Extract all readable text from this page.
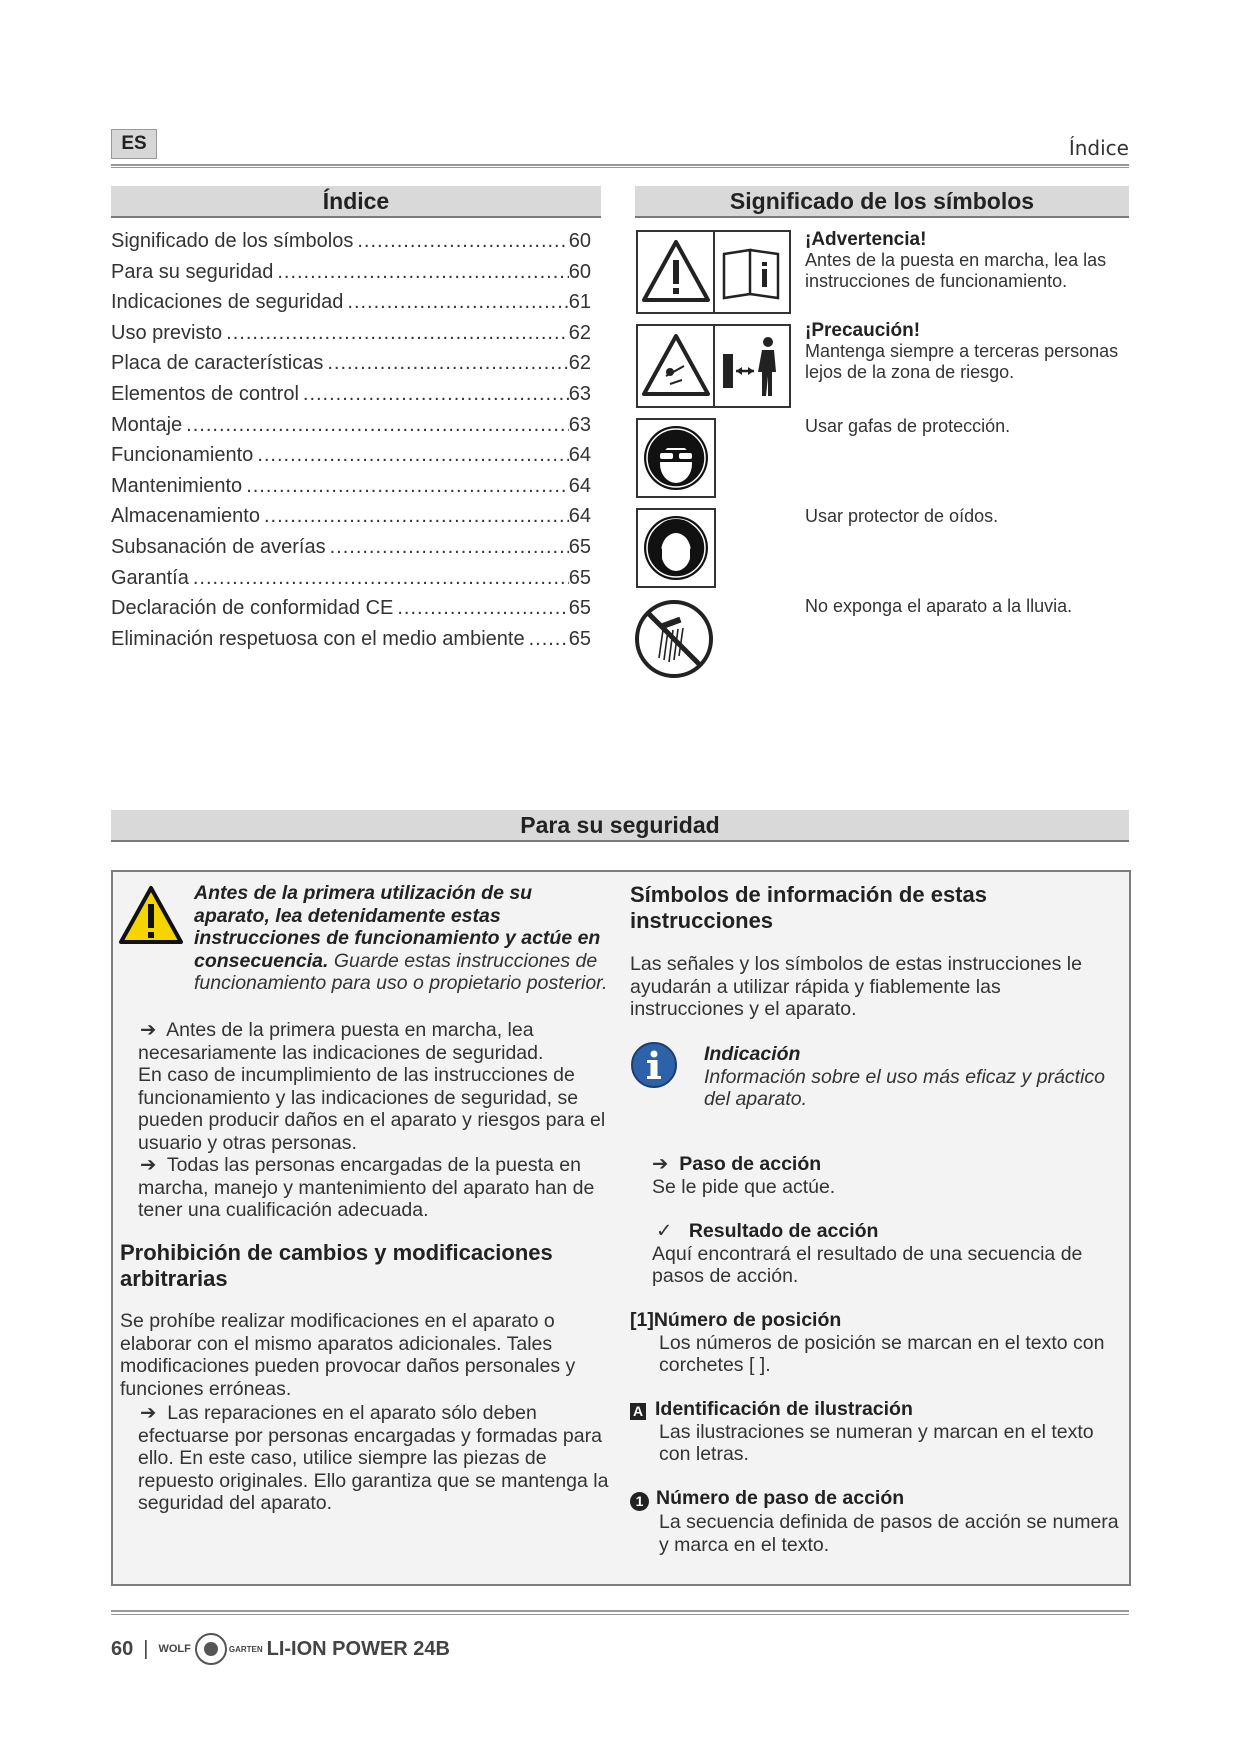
ES	Índice
Índice
Significado de los símbolos .....	60
Para su seguridad .....	60
Indicaciones de seguridad .....	61
Uso previsto .....	62
Placa de características .....	62
Elementos de control .....	63
Montaje .....	63
Funcionamiento .....	64
Mantenimiento .....	64
Almacenamiento .....	64
Subsanación de averías .....	65
Garantía .....	65
Declaración de conformidad CE .....	65
Eliminación respetuosa con el medio ambiente ..... 65
Significado de los símbolos
¡Advertencia!
Antes de la puesta en marcha, lea las instrucciones de funcionamiento.
¡Precaución!
Mantenga siempre a terceras personas lejos de la zona de riesgo.
Usar gafas de protección.
Usar protector de oídos.
No exponga el aparato a la lluvia.
Para su seguridad
Antes de la primera utilización de su aparato, lea detenidamente estas instrucciones de funcionamiento y actúe en consecuencia. Guarde estas instrucciones de funcionamiento para uso o propietario posterior.
➔ Antes de la primera puesta en marcha, lea necesariamente las indicaciones de seguridad.
En caso de incumplimiento de las instrucciones de funcionamiento y las indicaciones de seguridad, se pueden producir daños en el aparato y riesgos para el usuario y otras personas.
➔ Todas las personas encargadas de la puesta en marcha, manejo y mantenimiento del aparato han de tener una cualificación adecuada.
Prohibición de cambios y modificaciones arbitrarias
Se prohíbe realizar modificaciones en el aparato o elaborar con el mismo aparatos adicionales. Tales modificaciones pueden provocar daños personales y funciones erróneas.
➔ Las reparaciones en el aparato sólo deben efectuarse por personas encargadas y formadas para ello. En este caso, utilice siempre las piezas de repuesto originales. Ello garantiza que se mantenga la seguridad del aparato.
Símbolos de información de estas instrucciones
Las señales y los símbolos de estas instrucciones le ayudarán a utilizar rápida y fiablemente las instrucciones y el aparato.
Indicación
Información sobre el uso más eficaz y práctico del aparato.
➔ Paso de acción
Se le pide que actúe.
✓ Resultado de acción
Aquí encontrará el resultado de una secuencia de pasos de acción.
[1]Número de posición
Los números de posición se marcan en el texto con corchetes [ ].
A Identificación de ilustración
Las ilustraciones se numeran y marcan en el texto con letras.
1 Número de paso de acción
La secuencia definida de pasos de acción se numera y marca en el texto.
60 | WOLF	GARTEN LI-ION POWER 24B
